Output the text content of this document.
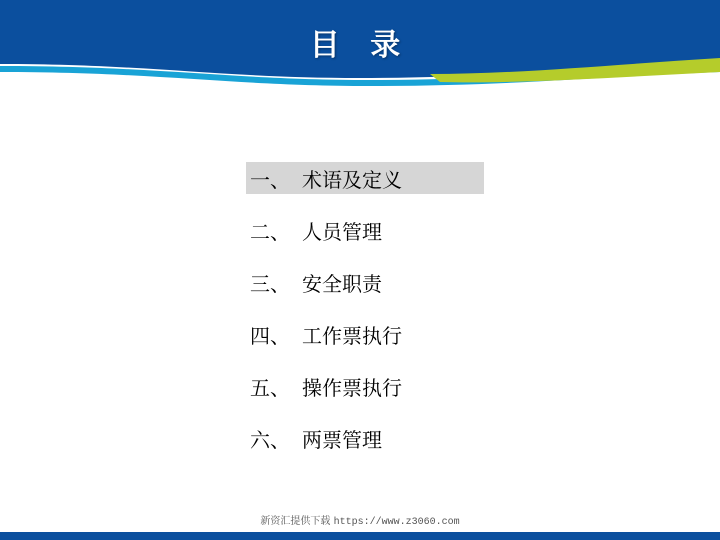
目 录
一、 术语及定义
二、 人员管理
三、 安全职责
四、 工作票执行
五、 操作票执行
六、 两票管理
新资汇提供下载 https://www.z3060.com
